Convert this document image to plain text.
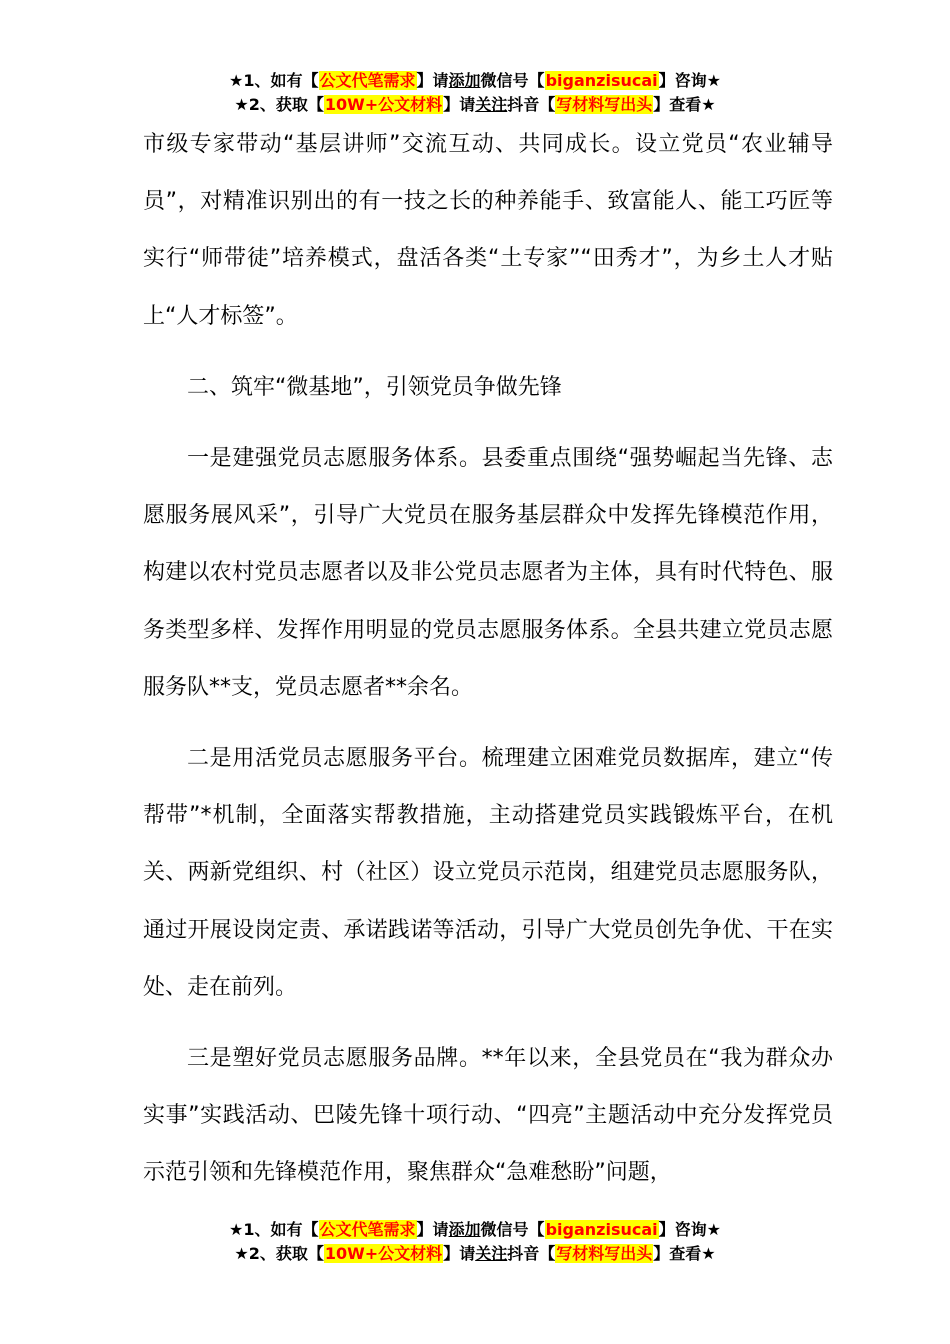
★1、如有【公文代笔需求】请添加微信号【biganzisucai】咨询★
★2、获取【10W+公文材料】请关注抖音【写材料写出头】查看★

市级专家带动“基层讲师”交流互动、共同成长。设立党员“农业辅导员”，对精准识别出的有一技之长的种养能手、致富能人、能工巧匠等实行“师带徒”培养模式，盘活各类“土专家”“田秀才”，为乡土人才贴上“人才标签”。

二、筑牢“微基地”，引领党员争做先锋

一是建强党员志愿服务体系。县委重点围绕“强势崛起当先锋、志愿服务展风采”，引导广大党员在服务基层群众中发挥先锋模范作用，构建以农村党员志愿者以及非公党员志愿者为主体，具有时代特色、服务类型多样、发挥作用明显的党员志愿服务体系。全县共建立党员志愿服务队**支，党员志愿者**余名。

二是用活党员志愿服务平台。梳理建立困难党员数据库，建立“传帮带”*机制，全面落实帮教措施，主动搭建党员实践锻炼平台，在机关、两新党组织、村（社区）设立党员示范岗，组建党员志愿服务队，通过开展设岗定责、承诺践诺等活动，引导广大党员创先争优、干在实处、走在前列。

三是塑好党员志愿服务品牌。**年以来，全县党员在“我为群众办实事”实践活动、巴陵先锋十项行动、“四亮”主题活动中充分发挥党员示范引领和先锋模范作用，聚焦群众“急难愁盼”问题，

★1、如有【公文代笔需求】请添加微信号【biganzisucai】咨询★
★2、获取【10W+公文材料】请关注抖音【写材料写出头】查看★
